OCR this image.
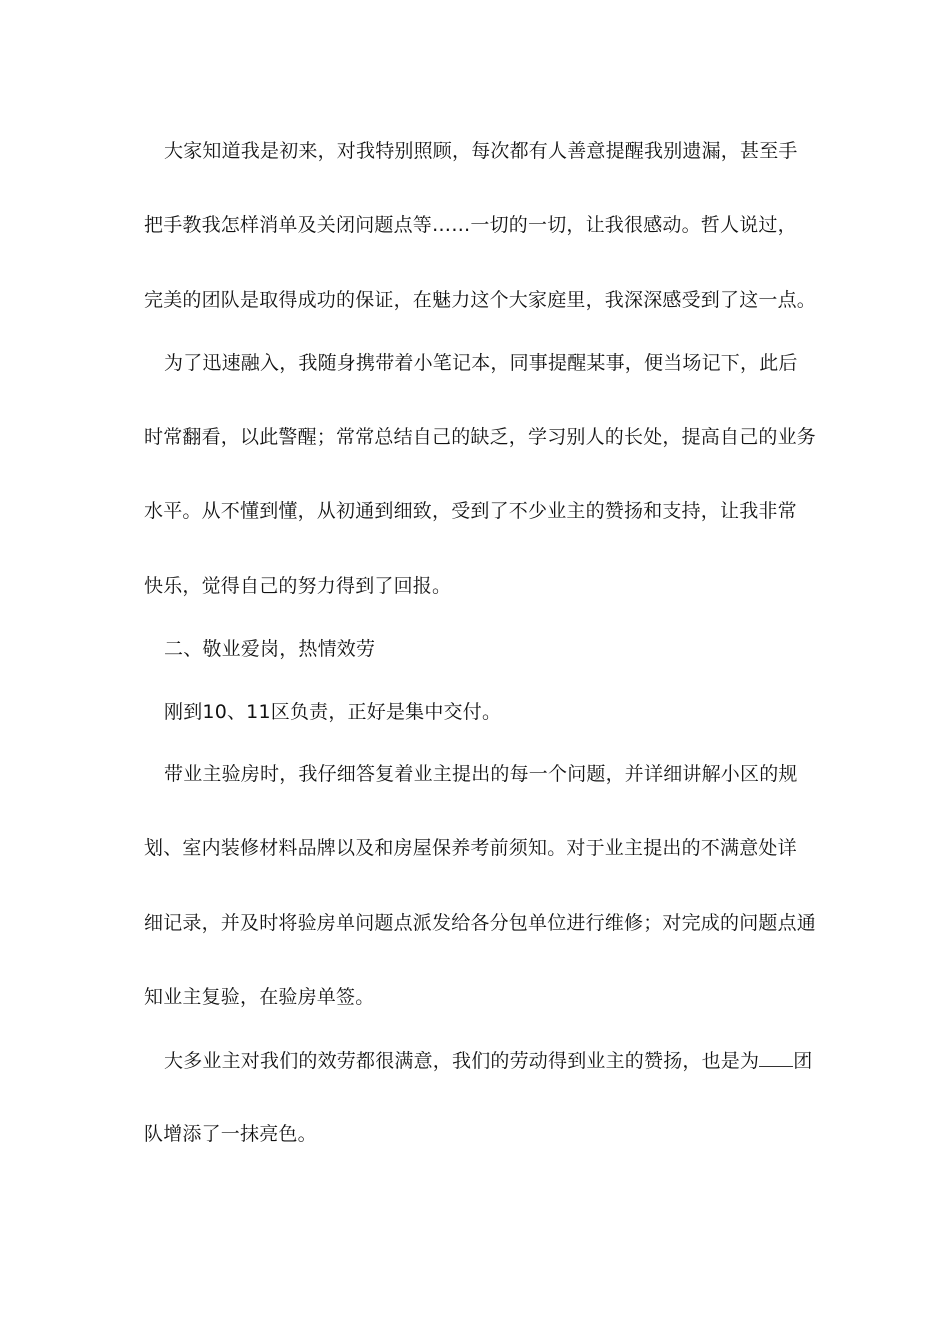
大家知道我是初来，对我特别照顾，每次都有人善意提醒我别遗漏，甚至手
把手教我怎样消单及关闭问题点等……一切的一切，让我很感动。哲人说过，
完美的团队是取得成功的保证，在魅力这个大家庭里，我深深感受到了这一点。
为了迅速融入，我随身携带着小笔记本，同事提醒某事，便当场记下，此后
时常翻看，以此警醒；常常总结自己的缺乏，学习别人的长处，提高自己的业务
水平。从不懂到懂，从初通到细致，受到了不少业主的赞扬和支持，让我非常
快乐，觉得自己的努力得到了回报。
二、敬业爱岗，热情效劳
刚到10、11区负责，正好是集中交付。
带业主验房时，我仔细答复着业主提出的每一个问题，并详细讲解小区的规
划、室内装修材料品牌以及和房屋保养考前须知。对于业主提出的不满意处详
细记录，并及时将验房单问题点派发给各分包单位进行维修；对完成的问题点通
知业主复验，在验房单签。
大多业主对我们的效劳都很满意，我们的劳动得到业主的赞扬，也是为 团
队增添了一抹亮色。
